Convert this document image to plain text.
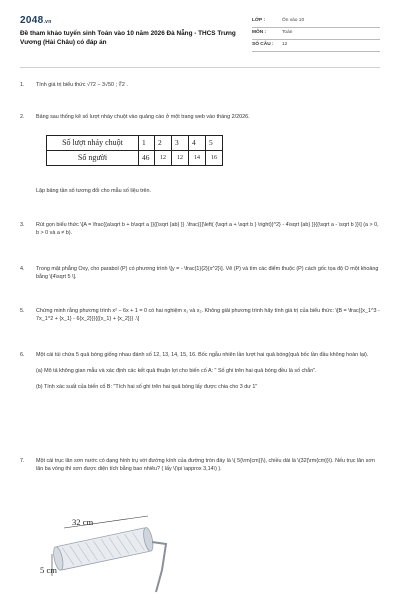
2048.vn
Đề tham khảo tuyển sinh Toán vào 10 năm 2026 Đà Nẵng - THCS Trưng Vương (Hải Châu) có đáp án
LỚP :	Ôn vào 10
MÔN :	Toán
SỐ CÂU :	12
1.	Tính giá trị biểu thức √72 − 3√50 ; ∜2 .
2.	Bảng sau thống kê số lượt nháy chuột vào quảng cáo ở một trang web vào tháng 2/2026.

Số lượt nháy chuột	1	2	3	4	5
Số người	46	12	12	14	16
Lập bảng tần số tương đối cho mẫu số liệu trên.
3.	Rút gọn biểu thức \[A = \frac{{a\sqrt b + b\sqrt a }}{{\sqrt {ab} }} .\frac{{{\left( {\sqrt a + \sqrt b } \right)}^2} - 4\sqrt {ab} }}{{\sqrt a - \sqrt b }}\] (a > 0, b > 0 và a ≠ b).
4.	Trong mặt phẳng Oxy, cho parabol (P) có phương trình \[y = - \frac{1}{2}{x^2}\]. Vẽ (P) và tìm các điểm thuộc (P) cách gốc tọa độ O một khoảng bằng \[4\sqrt 5 \].
5.	Chứng minh rằng phương trình x² − 6x + 1 = 0 có hai nghiệm x₁ và x₂. Không giải phương trình hãy tính giá trị của biểu thức: \[B = \frac{{x_1^3 - 7x_1^2 + {x_1} - 6{x_2}}}{{{x_1} + {x_2}}} .\]
6.	Một cái túi chứa 5 quả bóng giống nhau đánh số 12, 13, 14, 15, 16. Bốc ngẫu nhiên lần lượt hai quả bóng(quả bốc lần đầu không hoàn lại).

(a) Mô tả không gian mẫu và xác định các kết quả thuận lợi cho biến cố A: " Số ghi trên hai quả bóng đều là số chẵn".

(b) Tính xác suất của biến cố B: "Tích hai số ghi trên hai quả bóng lấy được chia cho 3 dư 1"

7.	Một cái trục lăn sơn nước có dạng hình trụ với đường kính của đường tròn đáy là \( 5{\rm{cm}}\), chiều dài là \(32{\rm{cm}}\). Nếu trục lăn sơn lăn ba vòng thì sơn được diện tích bằng bao nhiêu? ( lấy \(\pi \approx 3,14\) ).
32 cm
5 cm
